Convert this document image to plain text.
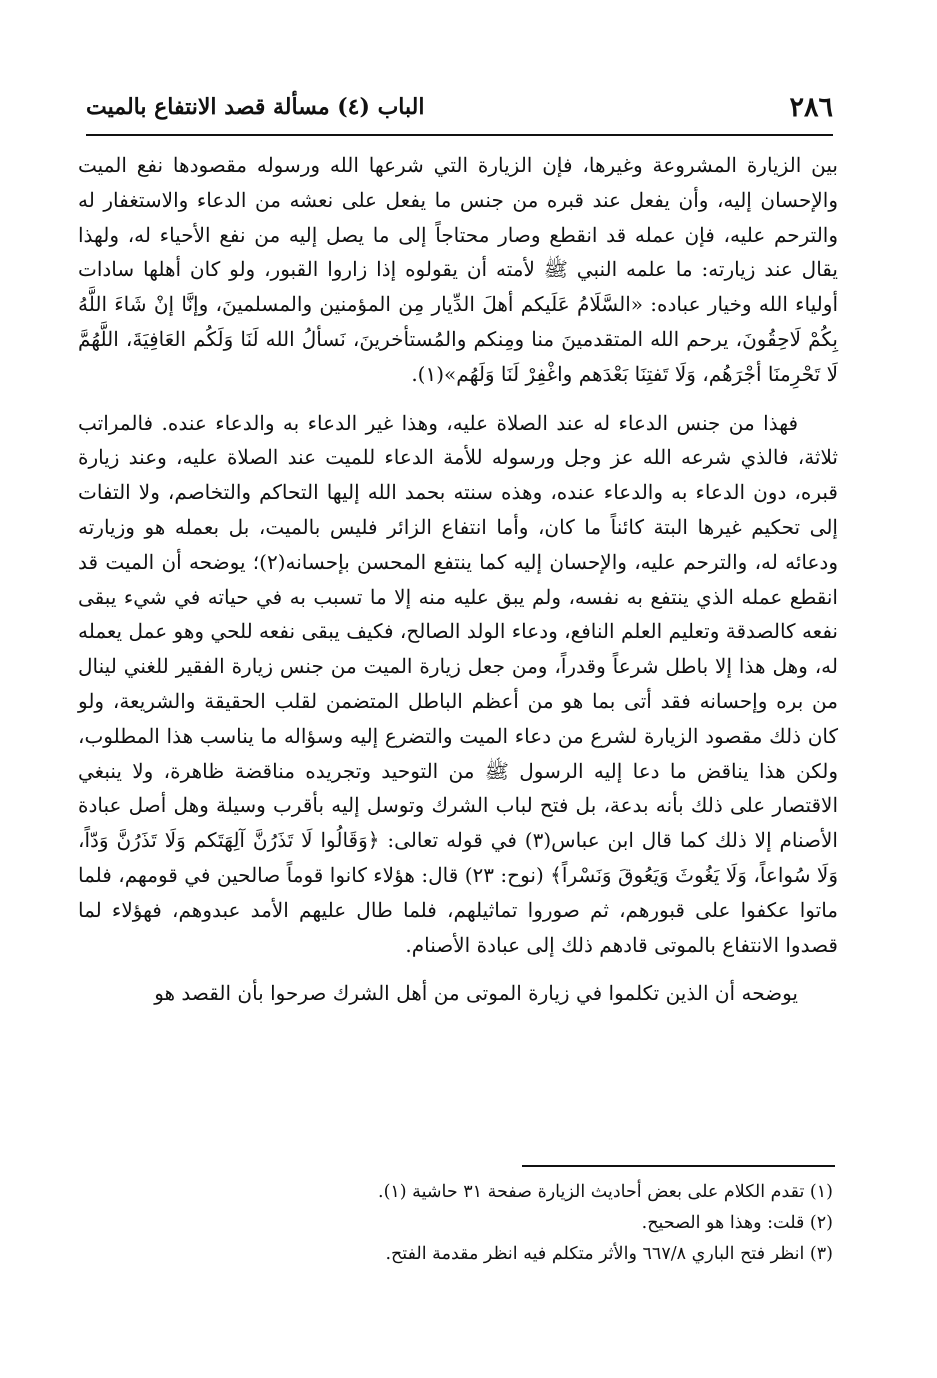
٢٨٦
الباب (٤) مسألة قصد الانتفاع بالميت

بين الزيارة المشروعة وغيرها، فإن الزيارة التي شرعها الله ورسوله مقصودها نفع الميت والإحسان إليه، وأن يفعل عند قبره من جنس ما يفعل على نعشه من الدعاء والاستغفار له والترحم عليه، فإن عمله قد انقطع وصار محتاجاً إلى ما يصل إليه من نفع الأحياء له، ولهذا يقال عند زيارته: ما علمه النبي ﷺ لأمته أن يقولوه إذا زاروا القبور، ولو كان أهلها سادات أولياء الله وخيار عباده: «السَّلَامُ عَلَيكم أهلَ الدِّيار مِن المؤمنين والمسلمينَ، وإنَّا إنْ شَاءَ اللَّهُ بِكُمْ لَاحِقُونَ، يرحم الله المتقدمينَ منا ومِنكم والمُستأخرينَ، نَسألُ الله لَنَا وَلَكُم العَافِيَةَ، اللَّهُمَّ لَا تَحْرِمنَا أجْرَهُم، وَلَا تَفتِنَا بَعْدَهم واغْفِرْ لَنَا وَلَهُم»(١).

فهذا من جنس الدعاء له عند الصلاة عليه، وهذا غير الدعاء به والدعاء عنده. فالمراتب ثلاثة، فالذي شرعه الله عز وجل ورسوله للأمة الدعاء للميت عند الصلاة عليه، وعند زيارة قبره، دون الدعاء به والدعاء عنده، وهذه سنته بحمد الله إليها التحاكم والتخاصم، ولا التفات إلى تحكيم غيرها البتة كائناً ما كان، وأما انتفاع الزائر فليس بالميت، بل بعمله هو وزيارته ودعائه له، والترحم عليه، والإحسان إليه كما ينتفع المحسن بإحسانه(٢)؛ يوضحه أن الميت قد انقطع عمله الذي ينتفع به نفسه، ولم يبق عليه منه إلا ما تسبب به في حياته في شيء يبقى نفعه كالصدقة وتعليم العلم النافع، ودعاء الولد الصالح، فكيف يبقى نفعه للحي وهو عمل يعمله له، وهل هذا إلا باطل شرعاً وقدراً، ومن جعل زيارة الميت من جنس زيارة الفقير للغني لينال من بره وإحسانه فقد أتى بما هو من أعظم الباطل المتضمن لقلب الحقيقة والشريعة، ولو كان ذلك مقصود الزيارة لشرع من دعاء الميت والتضرع إليه وسؤاله ما يناسب هذا المطلوب، ولكن هذا يناقض ما دعا إليه الرسول ﷺ من التوحيد وتجريده مناقضة ظاهرة، ولا ينبغي الاقتصار على ذلك بأنه بدعة، بل فتح لباب الشرك وتوسل إليه بأقرب وسيلة وهل أصل عبادة الأصنام إلا ذلك كما قال ابن عباس(٣) في قوله تعالى: ﴿وَقَالُوا لَا تَذَرُنَّ آلِهَتَكم وَلَا تَذَرُنَّ وَدّاً، وَلَا سُواعاً، وَلَا يَغُوثَ وَيَعُوقَ وَنَسْراً﴾ (نوح: ٢٣) قال: هؤلاء كانوا قوماً صالحين في قومهم، فلما ماتوا عكفوا على قبورهم، ثم صوروا تماثيلهم، فلما طال عليهم الأمد عبدوهم، فهؤلاء لما قصدوا الانتفاع بالموتى قادهم ذلك إلى عبادة الأصنام.

يوضحه أن الذين تكلموا في زيارة الموتى من أهل الشرك صرحوا بأن القصد هو

(١) تقدم الكلام على بعض أحاديث الزيارة صفحة ٣١ حاشية (١).
(٢) قلت: وهذا هو الصحيح.
(٣) انظر فتح الباري ٦٦٧/٨ والأثر متكلم فيه انظر مقدمة الفتح.
